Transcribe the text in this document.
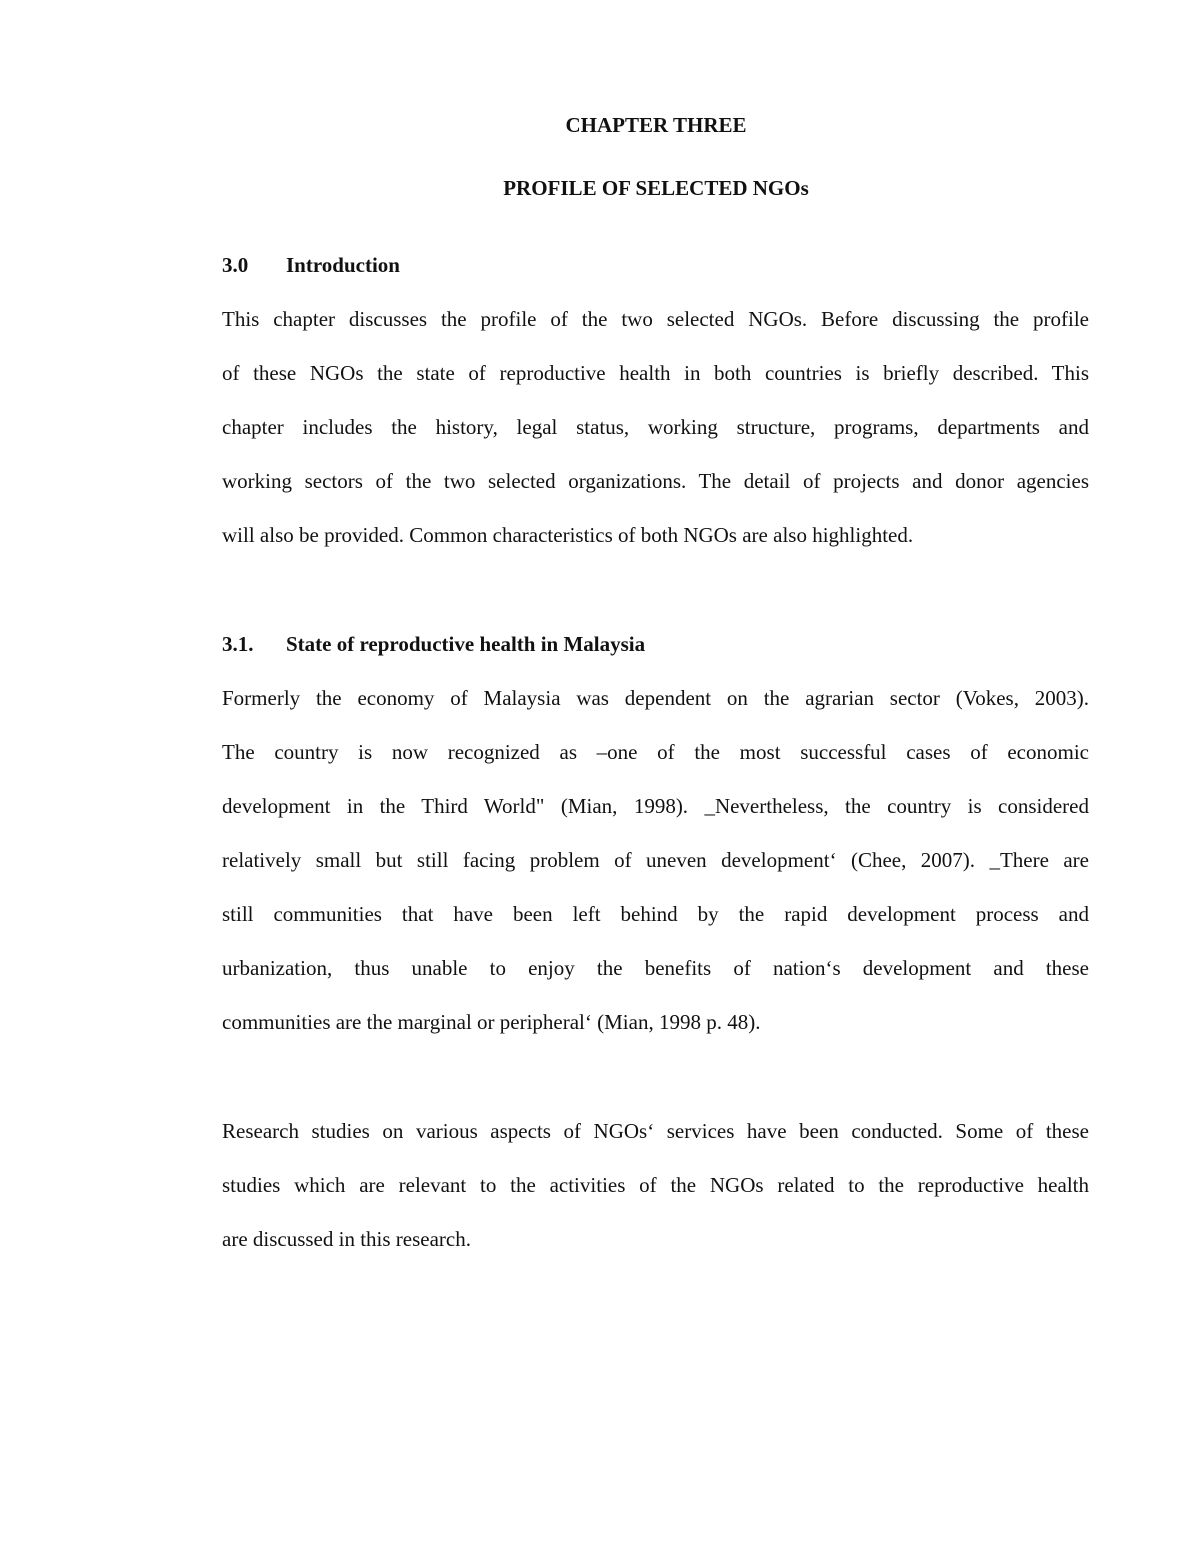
CHAPTER THREE
PROFILE OF SELECTED NGOs
3.0 Introduction
This chapter discusses the profile of the two selected NGOs. Before discussing the profile
of these NGOs the state of reproductive health in both countries is briefly described. This
chapter includes the history, legal status, working structure, programs, departments and
working sectors of the two selected organizations. The detail of projects and donor agencies
will also be provided. Common characteristics of both NGOs are also highlighted.
3.1. State of reproductive health in Malaysia
Formerly the economy of Malaysia was dependent on the agrarian sector (Vokes, 2003).
The country is now recognized as –one of the most successful cases of economic
development in the Third World" (Mian, 1998). _Nevertheless, the country is considered
relatively small but still facing problem of uneven development‘ (Chee, 2007). _There are
still communities that have been left behind by the rapid development process and
urbanization, thus unable to enjoy the benefits of nation‘s development and these
communities are the marginal or peripheral‘ (Mian, 1998 p. 48).
Research studies on various aspects of NGOs‘ services have been conducted. Some of these
studies which are relevant to the activities of the NGOs related to the reproductive health
are discussed in this research.
